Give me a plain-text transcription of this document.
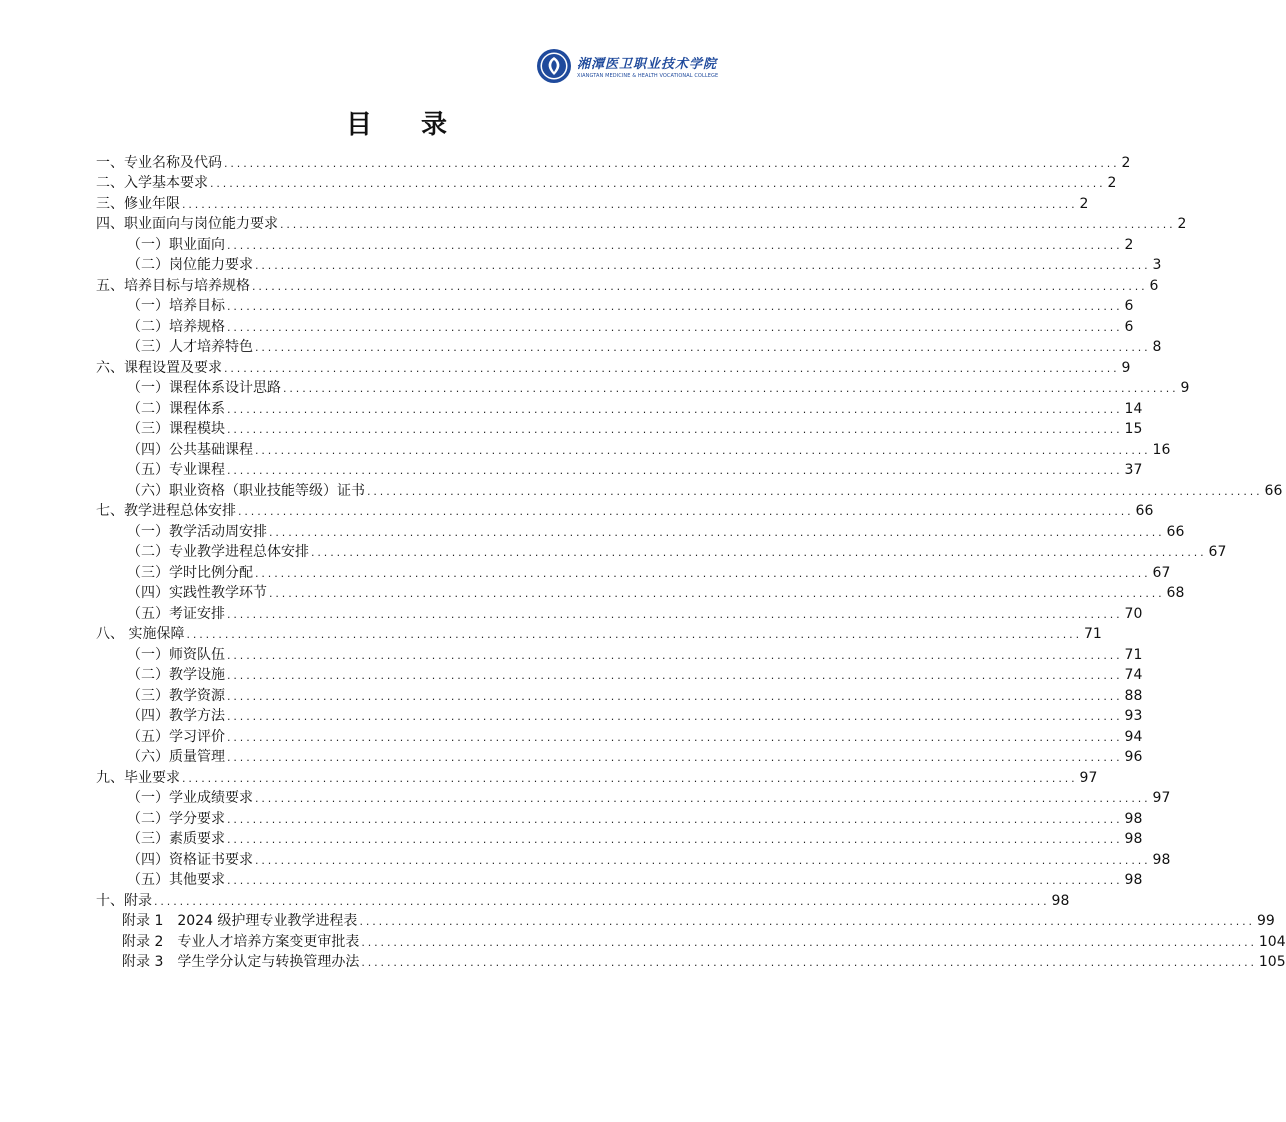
湘潭医卫职业技术学院
XIANGTAN MEDICINE & HEALTH VOCATIONAL COLLEGE
目 录
一、专业名称及代码 ............................................................................................................................................ 2
二、入学基本要求 ............................................................................................................................................ 2
三、修业年限 ............................................................................................................................................ 2
四、职业面向与岗位能力要求 ............................................................................................................................................ 2
（一）职业面向 ............................................................................................................................................ 2
（二）岗位能力要求 ............................................................................................................................................ 3
五、培养目标与培养规格 ............................................................................................................................................ 6
（一）培养目标 ............................................................................................................................................ 6
（二）培养规格 ............................................................................................................................................ 6
（三）人才培养特色 ............................................................................................................................................ 8
六、课程设置及要求 ............................................................................................................................................ 9
（一）课程体系设计思路 ............................................................................................................................................ 9
（二）课程体系 ............................................................................................................................................ 14
（三）课程模块 ............................................................................................................................................ 15
（四）公共基础课程 ............................................................................................................................................ 16
（五）专业课程 ............................................................................................................................................ 37
（六）职业资格（职业技能等级）证书 ............................................................................................................................................ 66
七、教学进程总体安排 ............................................................................................................................................ 66
（一）教学活动周安排 ............................................................................................................................................ 66
（二）专业教学进程总体安排 ............................................................................................................................................ 67
（三）学时比例分配 ............................................................................................................................................ 67
（四）实践性教学环节 ............................................................................................................................................ 68
（五）考证安排 ............................................................................................................................................ 70
八、 实施保障 ............................................................................................................................................ 71
（一）师资队伍 ............................................................................................................................................ 71
（二）教学设施 ............................................................................................................................................ 74
（三）教学资源 ............................................................................................................................................ 88
（四）教学方法 ............................................................................................................................................ 93
（五）学习评价 ............................................................................................................................................ 94
（六）质量管理 ............................................................................................................................................ 96
九、毕业要求 ............................................................................................................................................ 97
（一）学业成绩要求 ............................................................................................................................................ 97
（二）学分要求 ............................................................................................................................................ 98
（三）素质要求 ............................................................................................................................................ 98
（四）资格证书要求 ............................................................................................................................................ 98
（五）其他要求 ............................................................................................................................................ 98
十、附录 ............................................................................................................................................ 98
附录 1　2024 级护理专业教学进程表 ............................................................................................................................................ 99
附录 2　专业人才培养方案变更审批表 ............................................................................................................................................ 104
附录 3　学生学分认定与转换管理办法 ............................................................................................................................................ 105
